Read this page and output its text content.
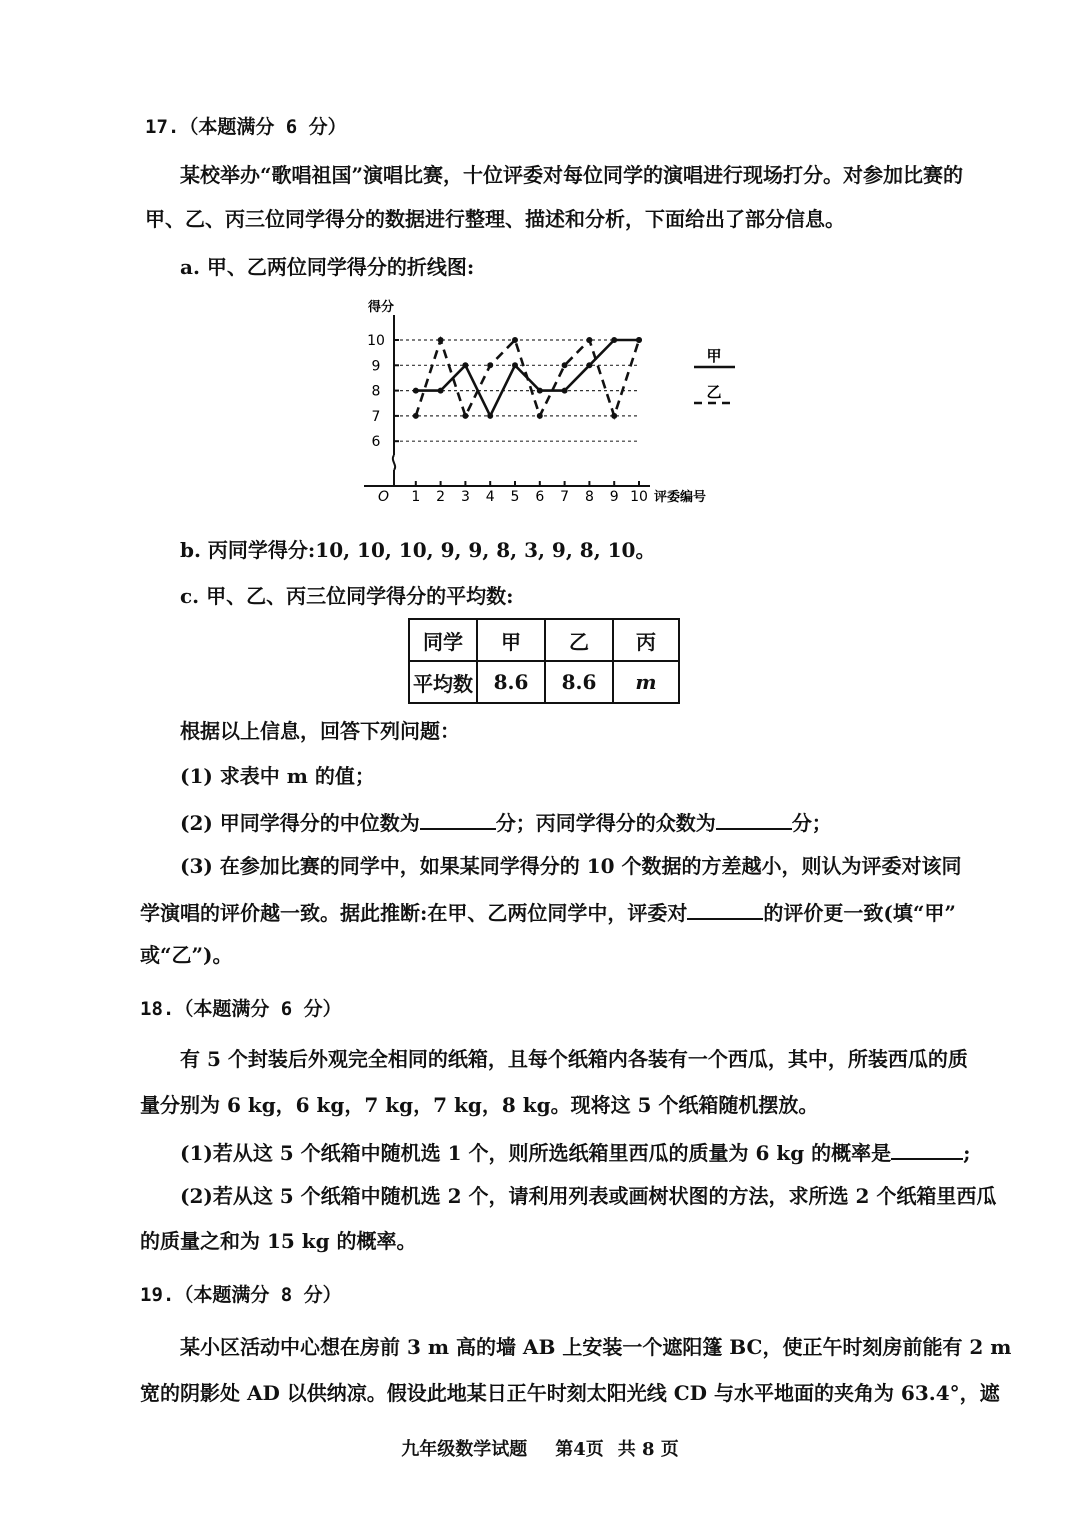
17.（本题满分 6 分）
某校举办“歌唱祖国”演唱比赛，十位评委对每位同学的演唱进行现场打分。对参加比赛的
甲、乙、丙三位同学得分的数据进行整理、描述和分析，下面给出了部分信息。
a. 甲、乙两位同学得分的折线图:
得分
评委编号
O
6
7
8
9
10
1 2 3 4 5 6 7 8 9 10
甲
乙
b. 丙同学得分:10, 10, 10, 9, 9, 8, 3, 9, 8, 10。
c. 甲、乙、丙三位同学得分的平均数:
同学	甲	乙	丙
平均数	8.6	8.6	m
根据以上信息，回答下列问题：
(1) 求表中 m 的值；
(2) 甲同学得分的中位数为	分；丙同学得分的众数为	分；
(3) 在参加比赛的同学中，如果某同学得分的 10 个数据的方差越小，则认为评委对该同
学演唱的评价越一致。据此推断:在甲、乙两位同学中，评委对	的评价更一致(填“甲”
或“乙”)。
18.（本题满分 6 分）
有 5 个封装后外观完全相同的纸箱，且每个纸箱内各装有一个西瓜，其中，所装西瓜的质
量分别为 6 kg，6 kg，7 kg，7 kg，8 kg。现将这 5 个纸箱随机摆放。
(1)若从这 5 个纸箱中随机选 1 个，则所选纸箱里西瓜的质量为 6 kg 的概率是	;
(2)若从这 5 个纸箱中随机选 2 个，请利用列表或画树状图的方法，求所选 2 个纸箱里西瓜
的质量之和为 15 kg 的概率。
19.（本题满分 8 分）
某小区活动中心想在房前 3 m 高的墙 AB 上安装一个遮阳篷 BC，使正午时刻房前能有 2 m
宽的阴影处 AD 以供纳凉。假设此地某日正午时刻太阳光线 CD 与水平地面的夹角为 63.4°，遮
九年级数学试题 第4页 共 8 页
